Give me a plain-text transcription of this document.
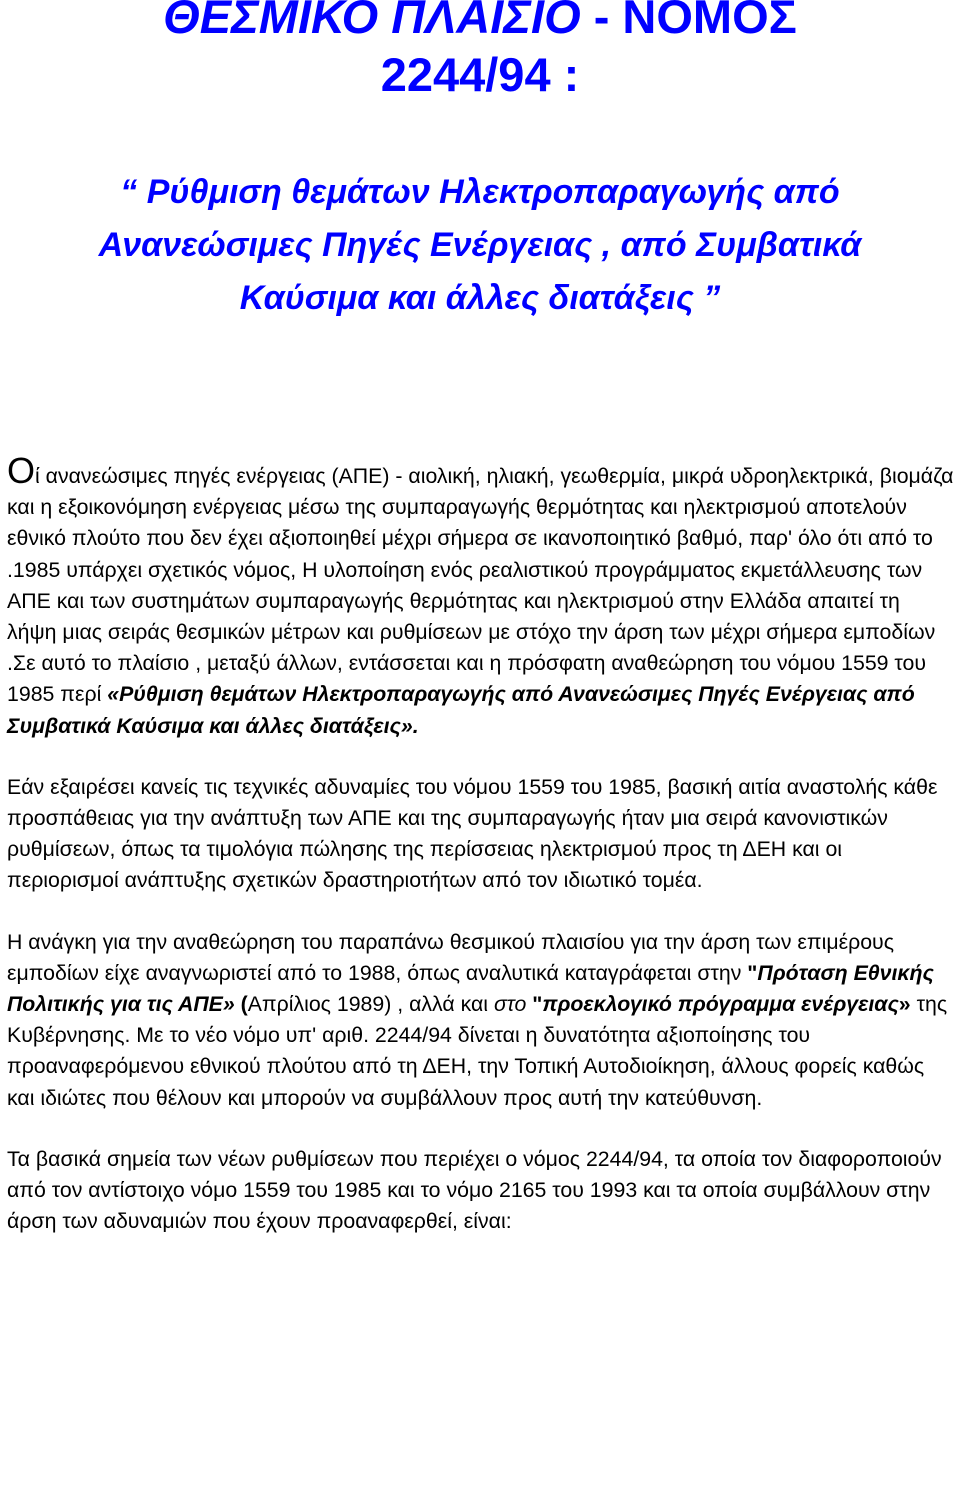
ΘΕΣΜΙΚΟ ΠΛΑΙΣΙΟ - ΝΟΜΟΣ
2244/94 :
“ Ρύθμιση θεμάτων Ηλεκτροπαραγωγής από
Ανανεώσιμες Πηγές Ενέργειας , από Συμβατικά
Καύσιμα και άλλες διατάξεις ”

Οί ανανεώσιμες πηγές ενέργειας (ΑΠΕ) - αιολική, ηλιακή, γεωθερμία, μικρά υδροηλεκτρικά, βιομάζα και η εξοικονόμηση ενέργειας μέσω της συμπαραγωγής θερμότητας και ηλεκτρισμού αποτελούν εθνικό πλούτο που δεν έχει αξιοποιηθεί μέχρι σήμερα σε ικανοποιητικό βαθμό, παρ' όλο ότι από το .1985 υπάρχει σχετικός νόμος, Η υλοποίηση ενός ρεαλιστικού προγράμματος εκμετάλλευσης των ΑΠΕ και των συστημάτων συμπαραγωγής θερμότητας και ηλεκτρισμού στην Ελλάδα απαιτεί τη λήψη μιας σειράς θεσμικών μέτρων και ρυθμίσεων με στόχο την άρση των μέχρι σήμερα εμποδίων .Σε αυτό το πλαίσιο , μεταξύ άλλων, εντάσσεται και η πρόσφατη αναθεώρηση του νόμου 1559 του 1985 περί «Ρύθμιση θεμάτων Ηλεκτροπαραγωγής από Ανανεώσιμες Πηγές Ενέργειας από Συμβατικά Καύσιμα και άλλες διατάξεις».

Εάν εξαιρέσει κανείς τις τεχνικές αδυναμίες του νόμου 1559 του 1985, βασική αιτία αναστολής κάθε προσπάθειας για την ανάπτυξη των ΑΠΕ και της συμπαραγωγής ήταν μια σειρά κανονιστικών ρυθμίσεων, όπως τα τιμολόγια πώλησης της περίσσειας ηλεκτρισμού προς τη ΔΕΗ και οι περιορισμοί ανάπτυξης σχετικών δραστηριοτήτων από τον ιδιωτικό τομέα.

Η ανάγκη για την αναθεώρηση του παραπάνω θεσμικού πλαισίου για την άρση των επιμέρους εμποδίων είχε αναγνωριστεί από το 1988, όπως αναλυτικά καταγράφεται στην "Πρόταση Εθνικής Πολιτικής για τις ΑΠΕ» (Απρίλιος 1989) , αλλά και στο "προεκλογικό πρόγραμμα ενέργειας» της Κυβέρνησης. Με το νέο νόμο υπ' αριθ. 2244/94 δίνεται η δυνατότητα αξιοποίησης του προαναφερόμενου εθνικού πλούτου από τη ΔΕΗ, την Τοπική Αυτοδιοίκηση, άλλους φορείς καθώς και ιδιώτες που θέλουν και μπορούν να συμβάλλουν προς αυτή την κατεύθυνση.

Τα βασικά σημεία των νέων ρυθμίσεων που περιέχει ο νόμος 2244/94, τα οποία τον διαφοροποιούν από τον αντίστοιχο νόμο 1559 του 1985 και το νόμο 2165 του 1993 και τα οποία συμβάλλουν στην άρση των αδυναμιών που έχουν προαναφερθεί, είναι:
